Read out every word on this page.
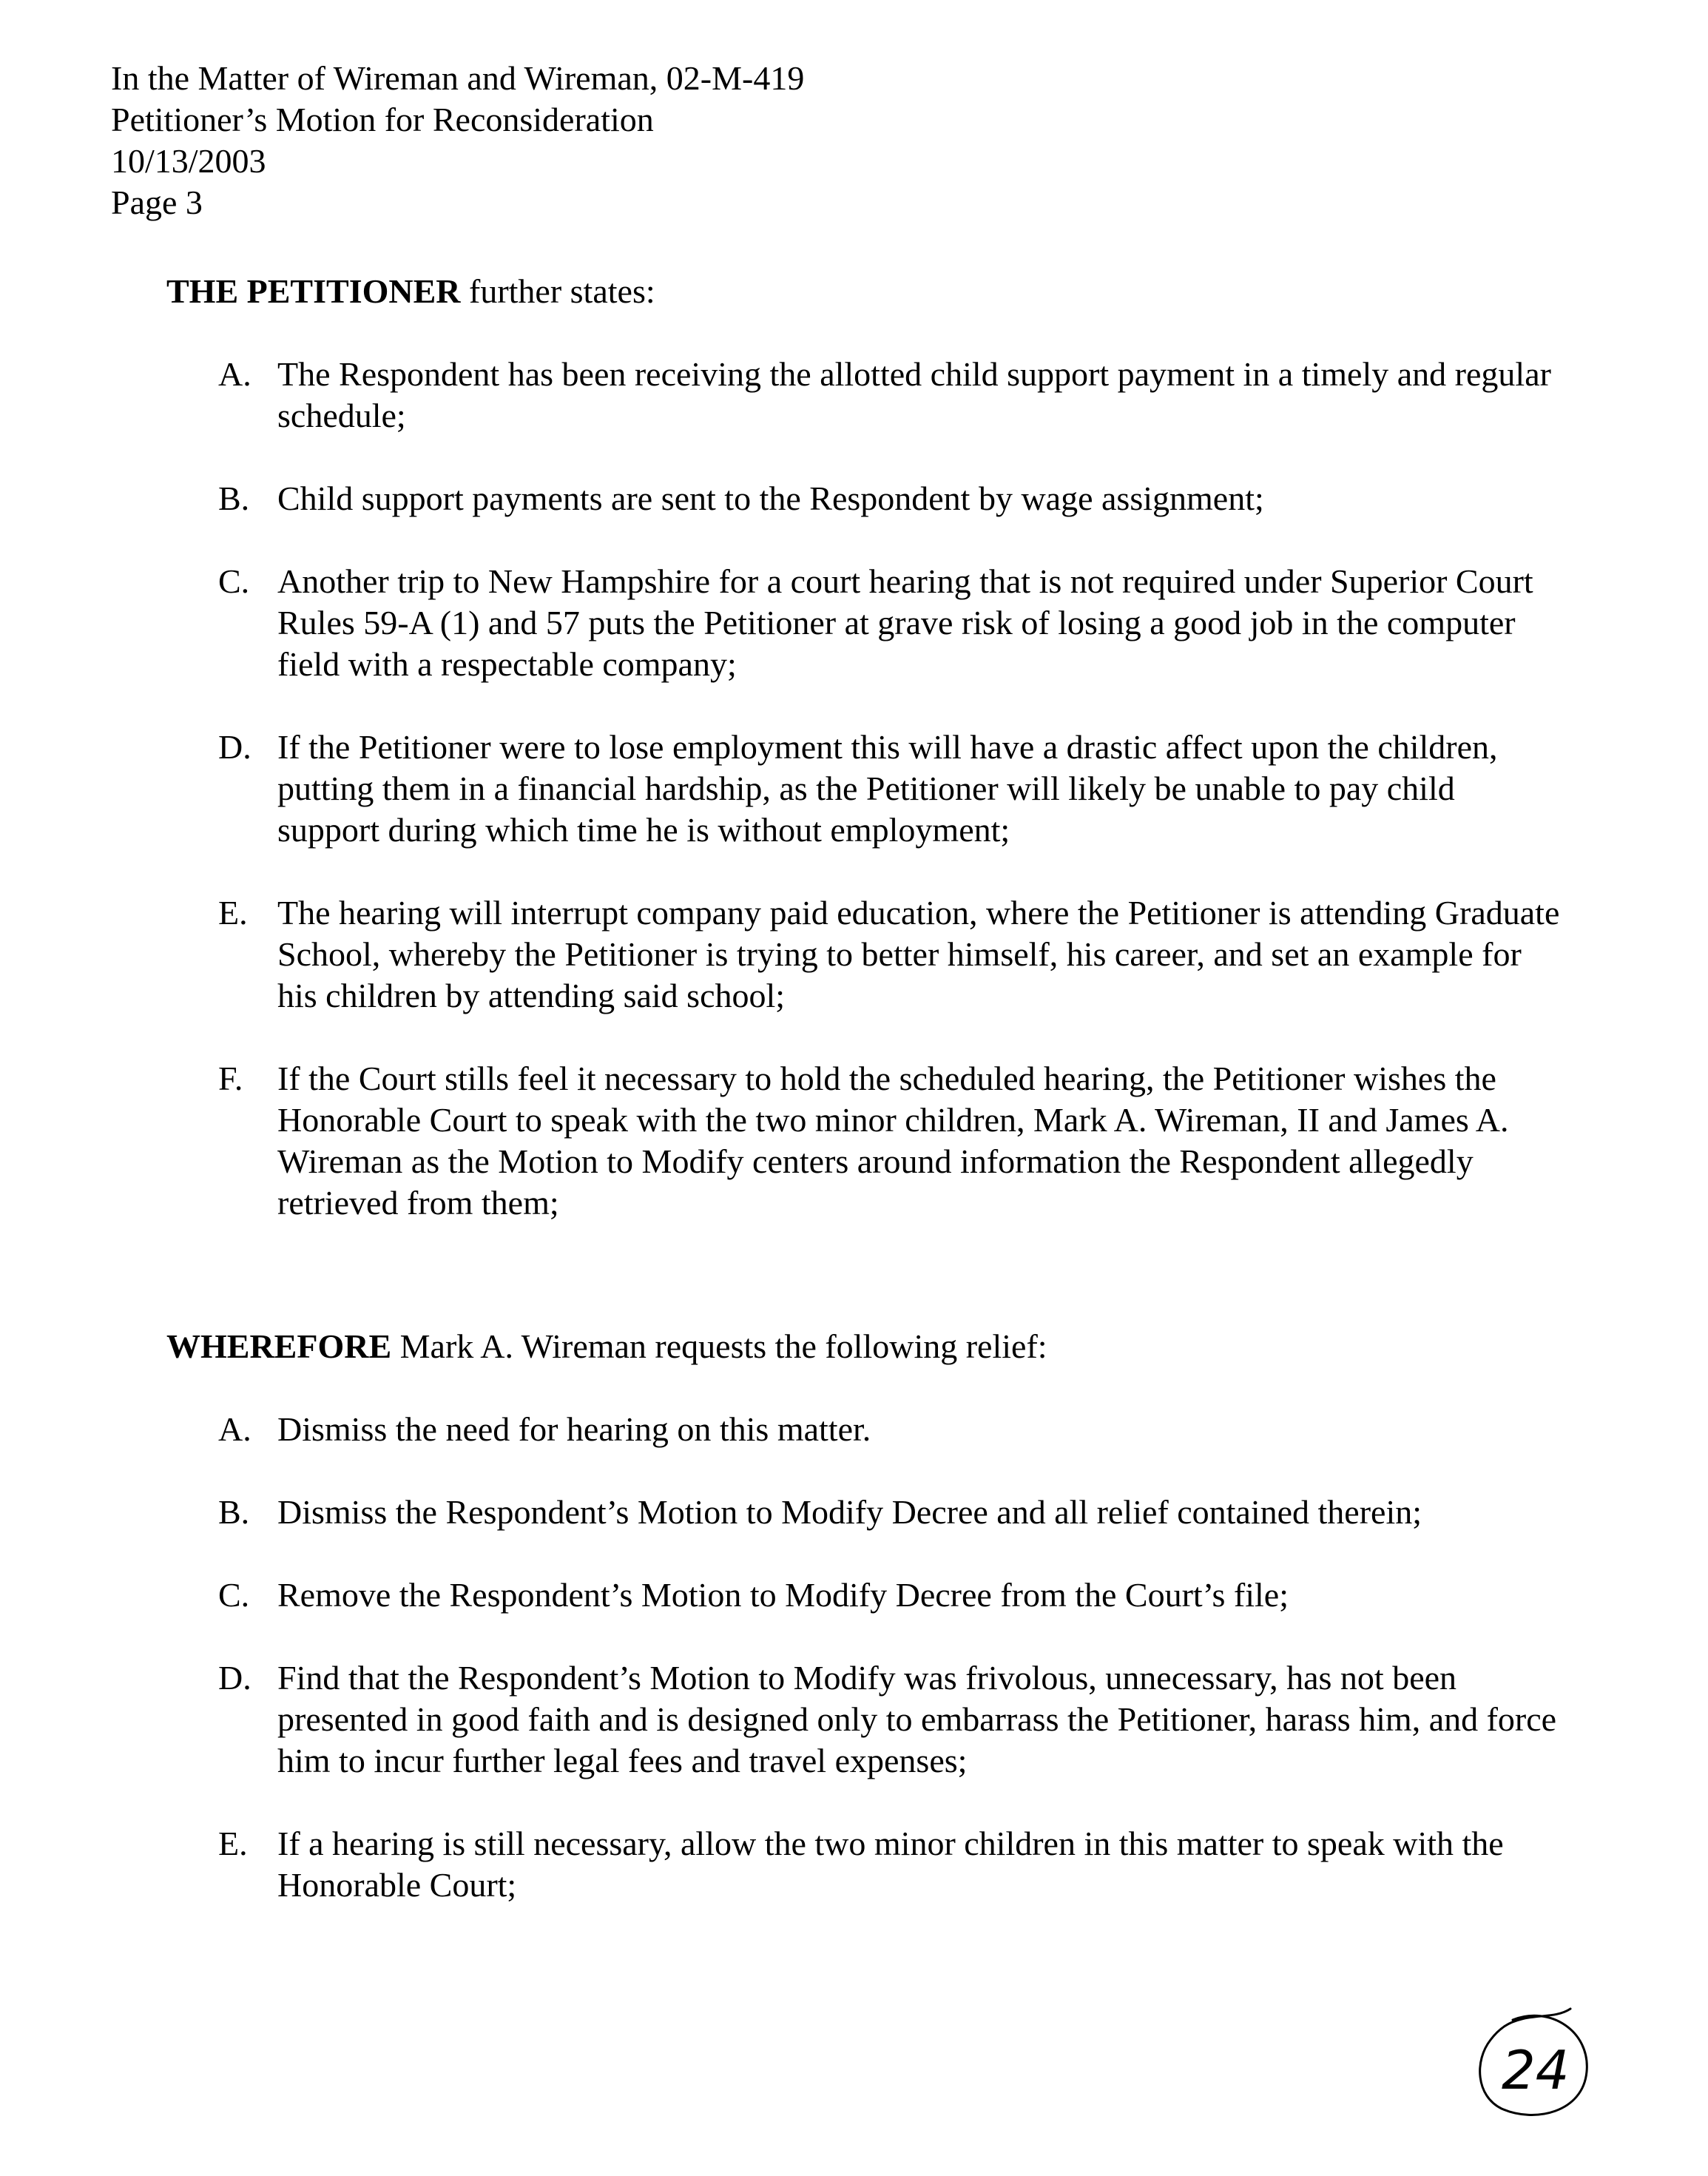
In the Matter of Wireman and Wireman, 02-M-419
Petitioner’s Motion for Reconsideration
10/13/2003
Page 3
THE PETITIONER further states:
A. The Respondent has been receiving the allotted child support payment in a timely and regular schedule;
B. Child support payments are sent to the Respondent by wage assignment;
C. Another trip to New Hampshire for a court hearing that is not required under Superior Court Rules 59-A (1) and 57 puts the Petitioner at grave risk of losing a good job in the computer field with a respectable company;
D. If the Petitioner were to lose employment this will have a drastic affect upon the children, putting them in a financial hardship, as the Petitioner will likely be unable to pay child support during which time he is without employment;
E. The hearing will interrupt company paid education, where the Petitioner is attending Graduate School, whereby the Petitioner is trying to better himself, his career, and set an example for his children by attending said school;
F. If the Court stills feel it necessary to hold the scheduled hearing, the Petitioner wishes the Honorable Court to speak with the two minor children, Mark A. Wireman, II and James A. Wireman as the Motion to Modify centers around information the Respondent allegedly retrieved from them;
WHEREFORE Mark A. Wireman requests the following relief:
A. Dismiss the need for hearing on this matter.
B. Dismiss the Respondent’s Motion to Modify Decree and all relief contained therein;
C. Remove the Respondent’s Motion to Modify Decree from the Court’s file;
D. Find that the Respondent’s Motion to Modify was frivolous, unnecessary, has not been presented in good faith and is designed only to embarrass the Petitioner, harass him, and force him to incur further legal fees and travel expenses;
E. If a hearing is still necessary, allow the two minor children in this matter to speak with the Honorable Court;
24
